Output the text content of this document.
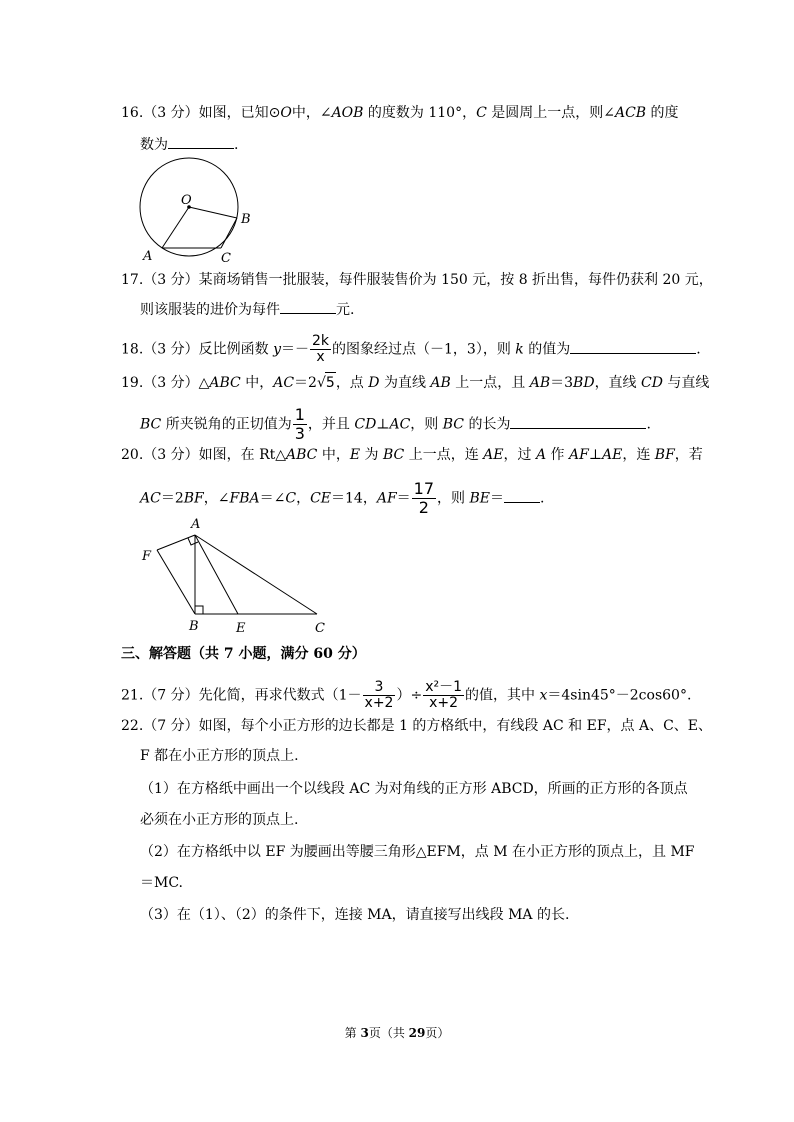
16.（3 分）如图，已知⊙O中，∠AOB 的度数为 110°，C 是圆周上一点，则∠ACB 的度
数为	.
O
B
A	C
17.（3 分）某商场销售一批服装，每件服装售价为 150 元，按 8 折出售，每件仍获利 20 元，
则该服装的进价为每件	元.
18.（3 分）反比例函数 $y=- \frac{2k}{x}$ 的图象经过点（－1，3），则 k 的值为	.
19.（3 分）△ABC 中，AC＝2√5，点 D 为直线 AB 上一点，且 AB＝3BD，直线 CD 与直线
BC 所夹锐角的正切值为 $\frac{1}{3}$ ，并且 CD⊥AC，则 BC 的长为	.
20.（3 分）如图，在 Rt△ABC 中，E 为 BC 上一点，连 AE，过 A 作 AF⊥AE，连 BF，若
AC＝2BF，∠FBA＝∠C，CE＝14，$AF= \frac{17}{2}$ ，则 BE＝	.
A
F
B	E	C
三、解答题（共 7 小题，满分 60 分）
21.（7 分）先化简，再求代数式（$1- \frac{3}{x+2}$ ）÷ $\frac{\text{x²－1}}{x+2}$ 的值，其中 x＝4sin45°－2cos60°.
22.（7 分）如图，每个小正方形的边长都是 1 的方格纸中，有线段 AC 和 EF，点 A、C、E、
F 都在小正方形的顶点上.
（1）在方格纸中画出一个以线段 AC 为对角线的正方形 ABCD，所画的正方形的各顶点
必须在小正方形的顶点上.
（2）在方格纸中以 EF 为腰画出等腰三角形△EFM，点 M 在小正方形的顶点上，且 MF
＝MC.
（3）在（1）、（2）的条件下，连接 MA，请直接写出线段 MA 的长.
第 3页（共 29页）
